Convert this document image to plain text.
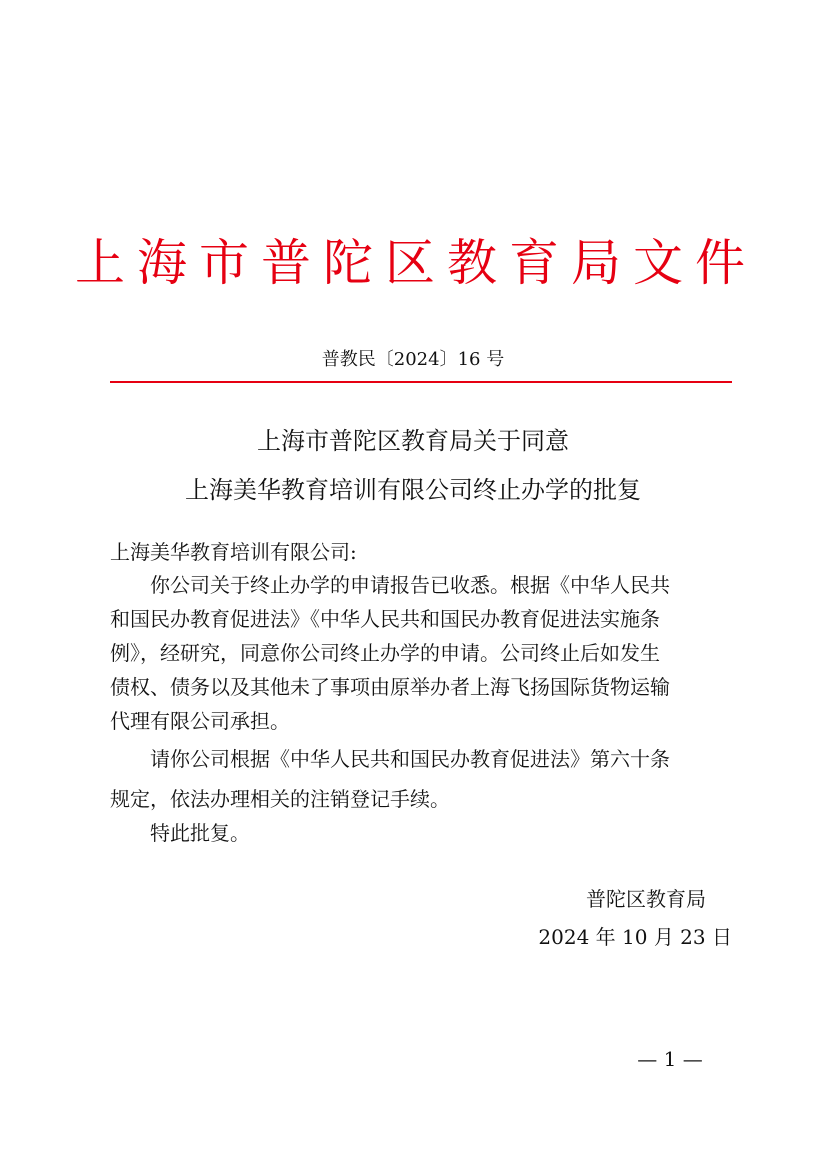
上海市普陀区教育局文件
普教民〔2024〕16 号
上海市普陀区教育局关于同意
上海美华教育培训有限公司终止办学的批复
上海美华教育培训有限公司:
你公司关于终止办学的申请报告已收悉。根据《中华人民共
和国民办教育促进法》《中华人民共和国民办教育促进法实施条
例》，经研究，同意你公司终止办学的申请。公司终止后如发生
债权、债务以及其他未了事项由原举办者上海飞扬国际货物运输
代理有限公司承担。
请你公司根据《中华人民共和国民办教育促进法》第六十条
规定，依法办理相关的注销登记手续。
特此批复。
普陀区教育局
2024 年 10 月 23 日
— 1 —
